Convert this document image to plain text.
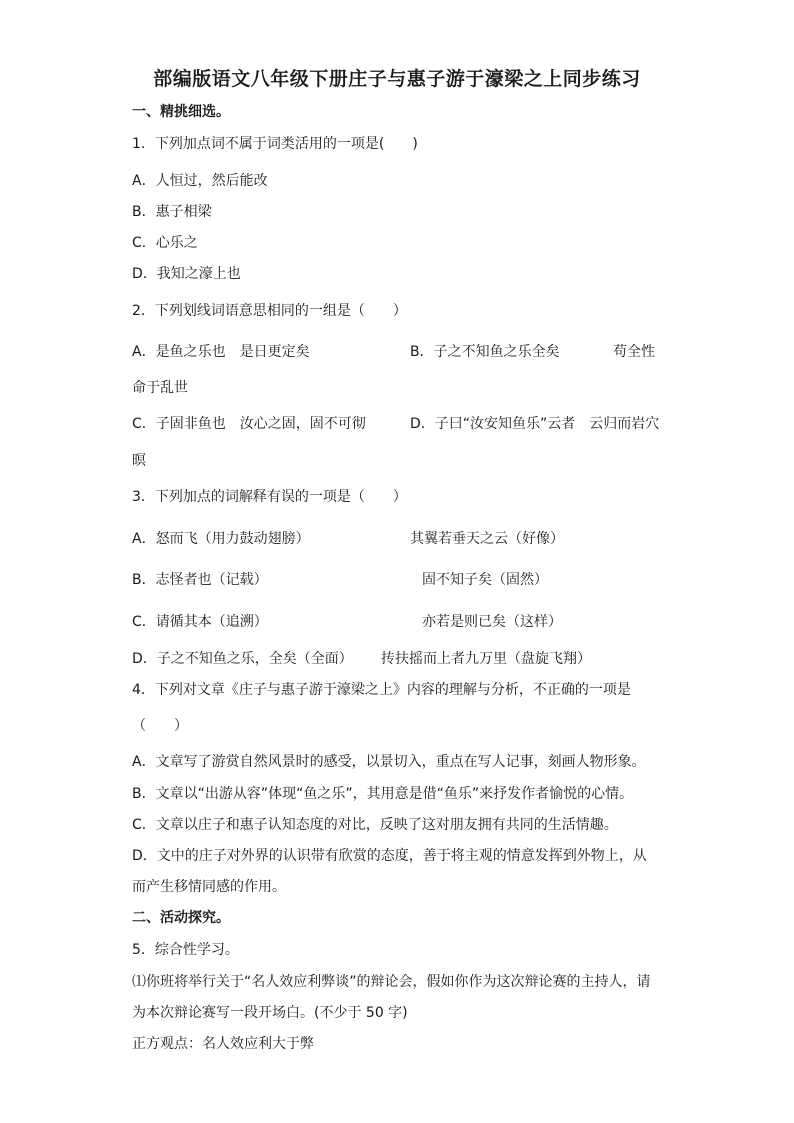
部编版语文八年级下册庄子与惠子游于濠梁之上同步练习
一、精挑细选。
1．下列加点词不属于词类活用的一项是(　　)
A．人恒过，然后能改
B．惠子相梁
C．心乐之
D．我知之濠上也
2．下列划线词语意思相同的一组是（　　）
A．是鱼之乐也　是日更定矣	B．子之不知鱼之乐全矣	苟全性
命于乱世
C．子固非鱼也　汝心之固，固不可彻	D．子曰“汝安知鱼乐”云者　云归而岩穴
暝
3．下列加点的词解释有误的一项是（　　）
A．怒而飞（用力鼓动翅膀）	其翼若垂天之云（好像）
B．志怪者也（记载）	固不知子矣（固然）
C．请循其本（追溯）	亦若是则已矣（这样）
D．子之不知鱼之乐，全矣（全面） 抟扶摇而上者九万里（盘旋飞翔）
4．下列对文章《庄子与惠子游于濠梁之上》内容的理解与分析，不正确的一项是
（　　）
A．文章写了游赏自然风景时的感受，以景切入，重点在写人记事，刻画人物形象。
B．文章以“出游从容”体现“鱼之乐”，其用意是借“鱼乐”来抒发作者愉悦的心情。
C．文章以庄子和惠子认知态度的对比，反映了这对朋友拥有共同的生活情趣。
D．文中的庄子对外界的认识带有欣赏的态度，善于将主观的情意发挥到外物上，从
而产生移情同感的作用。
二、活动探究。
5．综合性学习。
⑴你班将举行关于“名人效应利弊谈”的辩论会，假如你作为这次辩论赛的主持人，请
为本次辩论赛写一段开场白。(不少于 50 字)
正方观点：名人效应利大于弊
